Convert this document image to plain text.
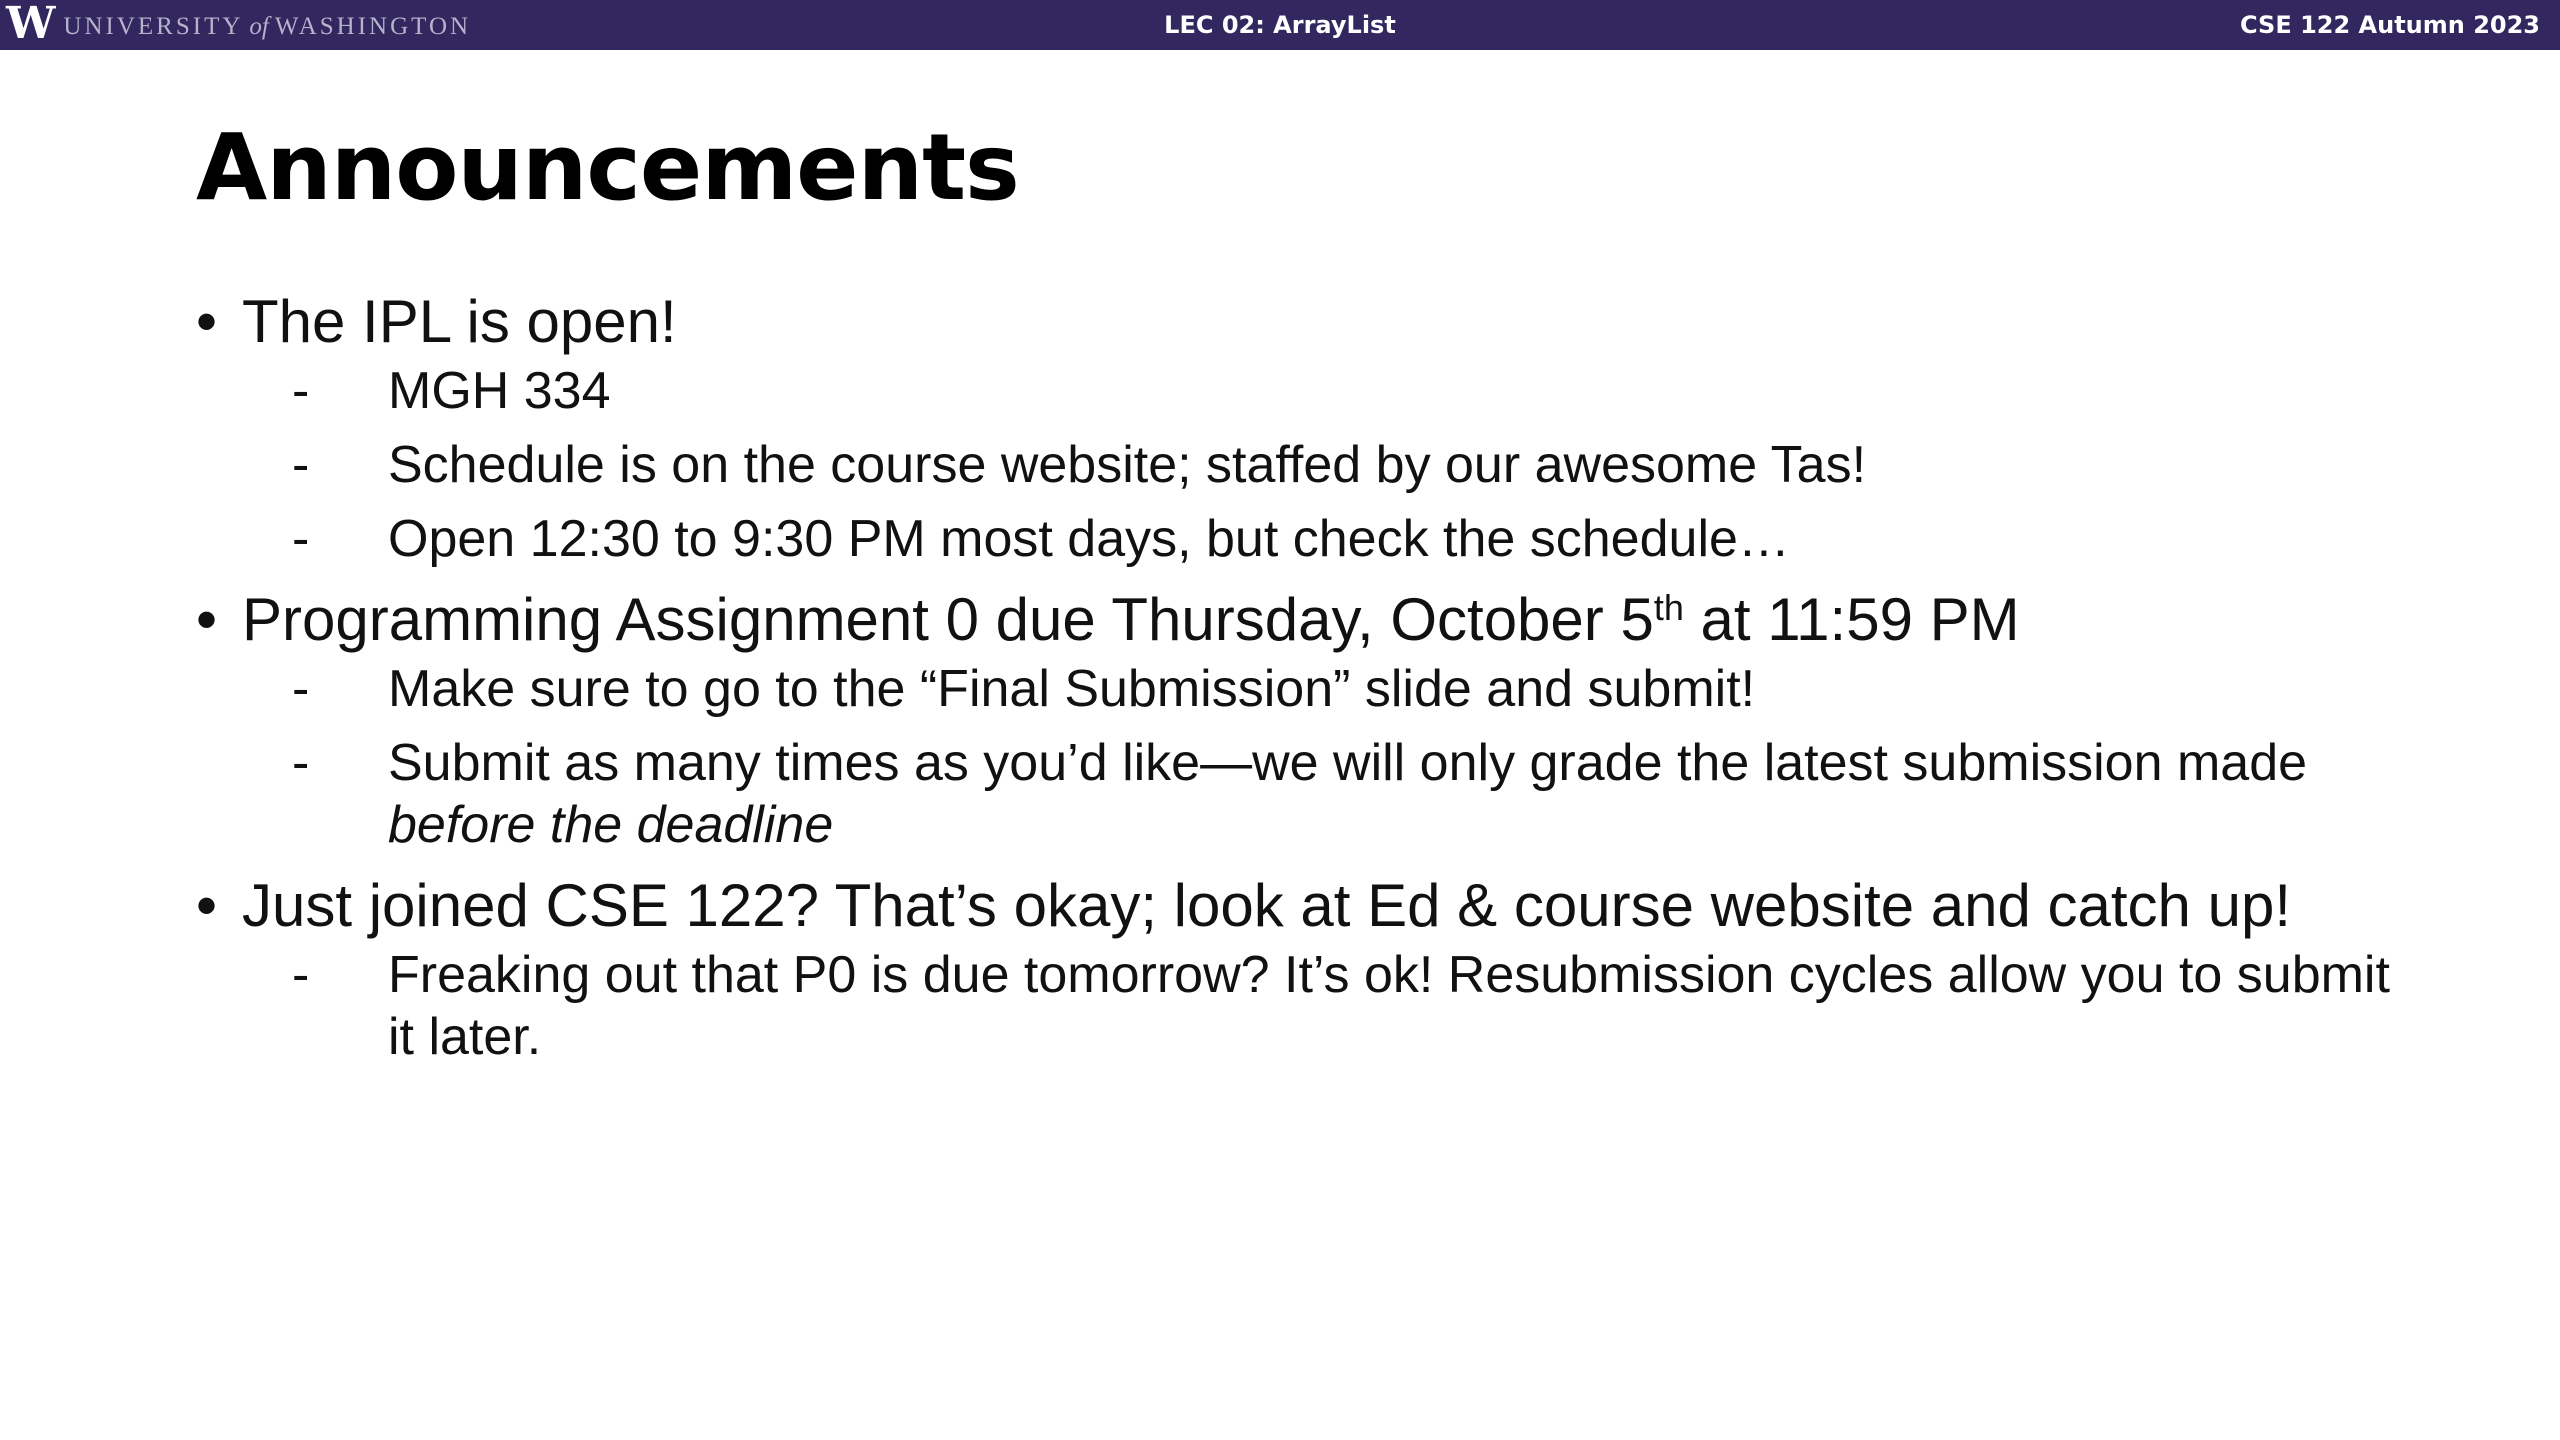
W UNIVERSITY of WASHINGTON	LEC 02: ArrayList	CSE 122 Autumn 2023
Announcements
• The IPL is open!
- MGH 334
- Schedule is on the course website; staffed by our awesome Tas!
- Open 12:30 to 9:30 PM most days, but check the schedule…
• Programming Assignment 0 due Thursday, October 5th at 11:59 PM
- Make sure to go to the “Final Submission” slide and submit!
- Submit as many times as you’d like—we will only grade the latest submission made before the deadline
• Just joined CSE 122? That’s okay; look at Ed & course website and catch up!
- Freaking out that P0 is due tomorrow? It’s ok! Resubmission cycles allow you to submit it later.
